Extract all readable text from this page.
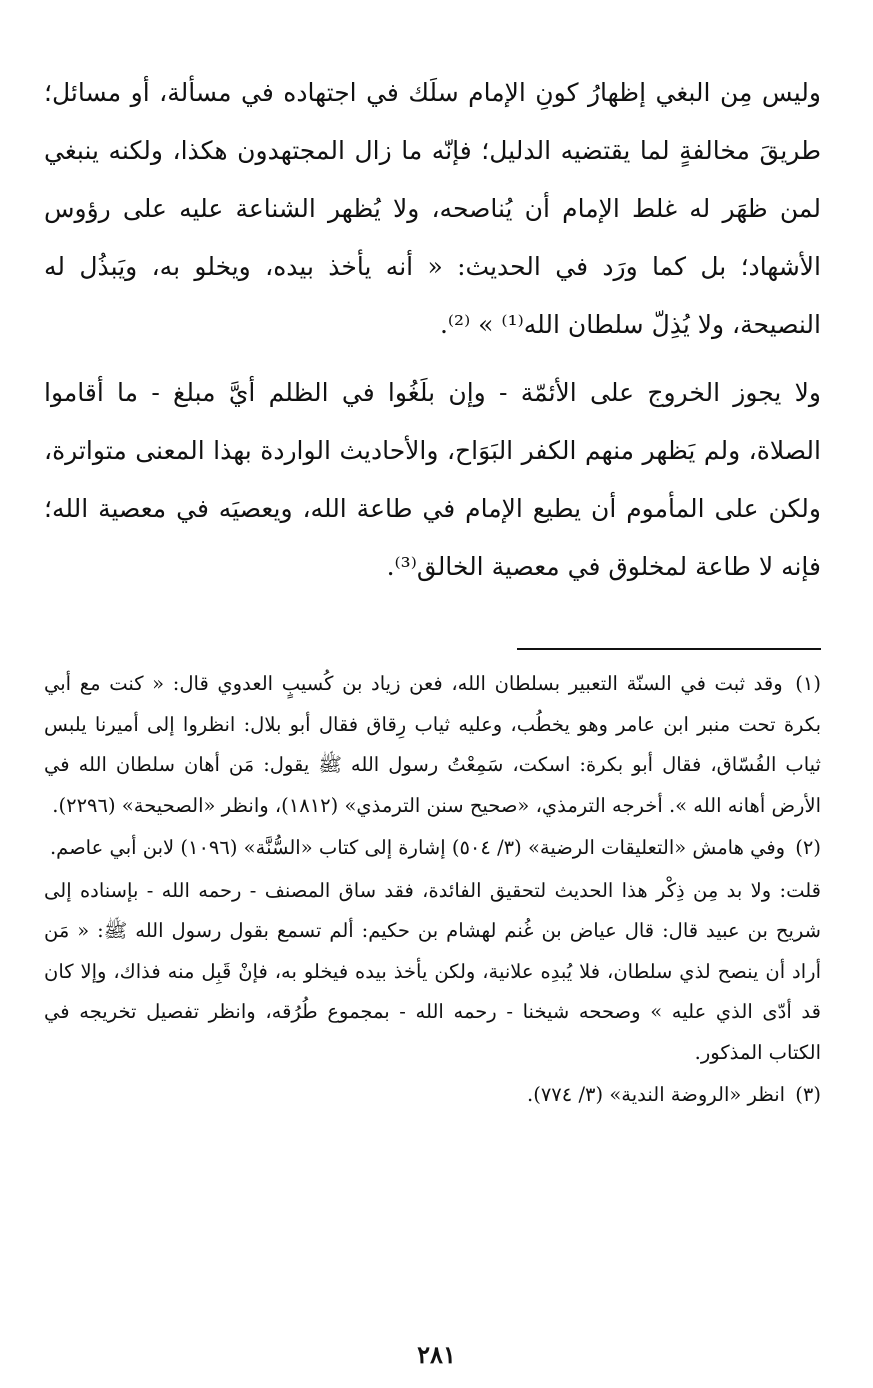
وليس مِن البغي إظهارُ كونِ الإمام سلَك في اجتهاده في مسألة، أو مسائل؛ طريقَ مخالفةٍ لما يقتضيه الدليل؛ فإنّه ما زال المجتهدون هكذا، ولكنه ينبغي لمن ظهَر له غلط الإمام أن يُناصحه، ولا يُظهر الشناعة عليه على رؤوس الأشهاد؛ بل كما ورَد في الحديث: « أنه يأخذ بيده، ويخلو به، ويَبذُل له النصيحة، ولا يُذِلّ سلطان الله⁽¹⁾ » ⁽²⁾.

ولا يجوز الخروج على الأئمّة - وإن بلَغُوا في الظلم أيَّ مبلغ - ما أقاموا الصلاة، ولم يَظهر منهم الكفر البَوَاح، والأحاديث الواردة بهذا المعنى متواترة، ولكن على المأموم أن يطيع الإمام في طاعة الله، ويعصيَه في معصية الله؛ فإنه لا طاعة لمخلوق في معصية الخالق⁽³⁾.

(١) وقد ثبت في السنّة التعبير بسلطان الله، فعن زياد بن كُسيبٍ العدوي قال: « كنت مع أبي بكرة تحت منبر ابن عامر وهو يخطُب، وعليه ثياب رِقاق فقال أبو بلال: انظروا إلى أميرنا يلبس ثياب الفُسّاق، فقال أبو بكرة: اسكت، سَمِعْتُ رسول الله ﷺ يقول: مَن أهان سلطان الله في الأرض أهانه الله ». أخرجه الترمذي، «صحيح سنن الترمذي» (١٨١٢)، وانظر «الصحيحة» (٢٢٩٦).

(٢) وفي هامش «التعليقات الرضية» (٣/ ٥٠٤) إشارة إلى كتاب «السُّنَّة» (١٠٩٦) لابن أبي عاصم.

قلت: ولا بد مِن ذِكْر هذا الحديث لتحقيق الفائدة، فقد ساق المصنف - رحمه الله - بإسناده إلى شريح بن عبيد قال: قال عياض بن غُنم لهشام بن حكيم: ألم تسمع بقول رسول الله ﷺ: « مَن أراد أن ينصح لذي سلطان، فلا يُبدِه علانية، ولكن يأخذ بيده فيخلو به، فإنْ قَبِل منه فذاك، وإلا كان قد أدّى الذي عليه » وصححه شيخنا - رحمه الله - بمجموع طُرُقه، وانظر تفصيل تخريجه في الكتاب المذكور.

(٣) انظر «الروضة الندية» (٣/ ٧٧٤).

٢٨١
